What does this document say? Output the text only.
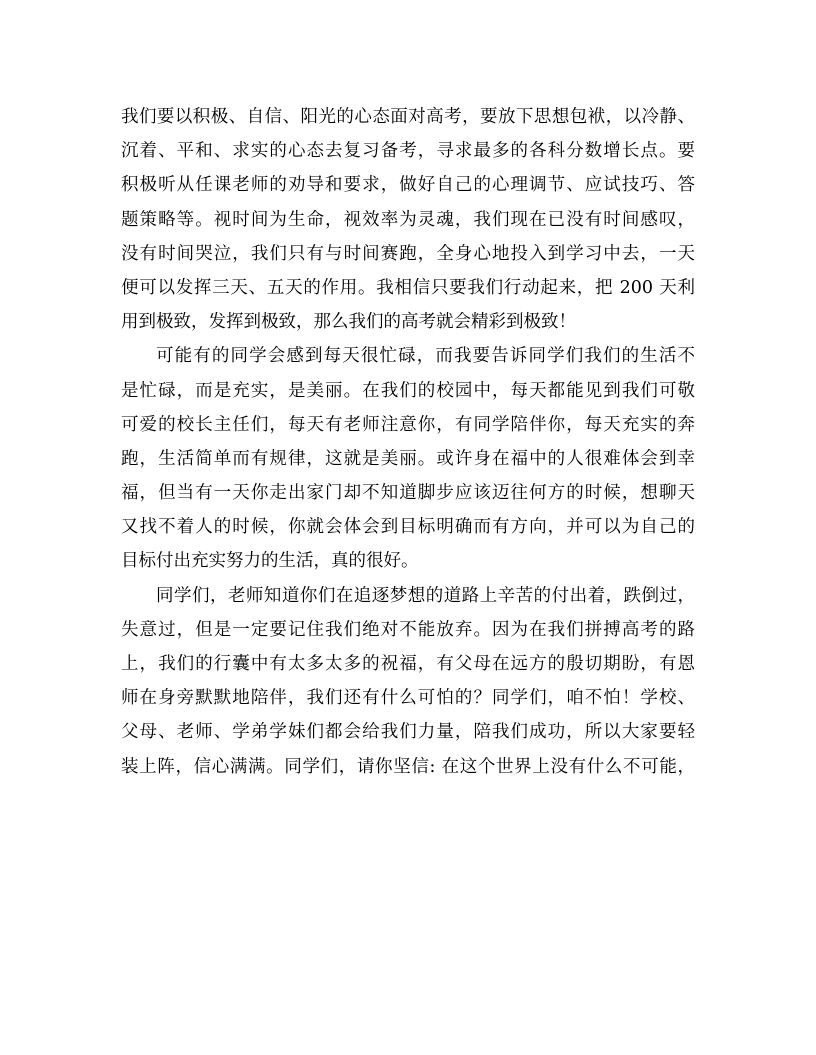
我们要以积极、自信、阳光的心态面对高考，要放下思想包袱，以冷静、
沉着、平和、求实的心态去复习备考，寻求最多的各科分数增长点。要
积极听从任课老师的劝导和要求，做好自己的心理调节、应试技巧、答
题策略等。视时间为生命，视效率为灵魂，我们现在已没有时间感叹，
没有时间哭泣，我们只有与时间赛跑，全身心地投入到学习中去，一天
便可以发挥三天、五天的作用。我相信只要我们行动起来，把 200 天利
用到极致，发挥到极致，那么我们的高考就会精彩到极致！
可能有的同学会感到每天很忙碌，而我要告诉同学们我们的生活不
是忙碌，而是充实，是美丽。在我们的校园中，每天都能见到我们可敬
可爱的校长主任们，每天有老师注意你，有同学陪伴你，每天充实的奔
跑，生活简单而有规律，这就是美丽。或许身在福中的人很难体会到幸
福，但当有一天你走出家门却不知道脚步应该迈往何方的时候，想聊天
又找不着人的时候，你就会体会到目标明确而有方向，并可以为自己的
目标付出充实努力的生活，真的很好。
同学们，老师知道你们在追逐梦想的道路上辛苦的付出着，跌倒过，
失意过，但是一定要记住我们绝对不能放弃。因为在我们拼搏高考的路
上，我们的行囊中有太多太多的祝福，有父母在远方的殷切期盼，有恩
师在身旁默默地陪伴，我们还有什么可怕的？同学们，咱不怕！学校、
父母、老师、学弟学妹们都会给我们力量，陪我们成功，所以大家要轻
装上阵，信心满满。同学们，请你坚信: 在这个世界上没有什么不可能，
